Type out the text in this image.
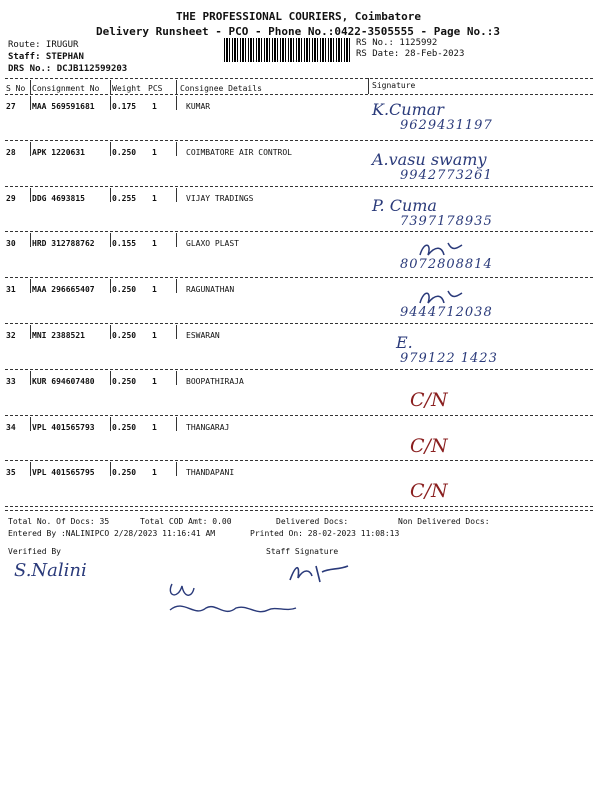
THE PROFESSIONAL COURIERS, Coimbatore
Delivery Runsheet - PCO - Phone No.:0422-3505555 - Page No.:3
Route: IRUGUR
Staff: STEPHAN
DRS No.: DCJB112599203
RS No.: 1125992
RS Date: 28-Feb-2023
S No Consignment No Weight PCS Consignee Details	Signature
27 MAA 569591681 0.175 1	KUMAR	K.Cumar
9629431197
28 APK 1220631	0.250 1	COIMBATORE AIR CONTROL	A.vasu swamy
9942773261
29 DDG 4693815	0.255 1	VIJAY TRADINGS	P. Cuma
7397178935
30 HRD 312788762 0.155 1	GLAXO PLAST
8072808814
31 MAA 296665407 0.250 1	RAGUNATHAN
9444712038
32 MNI 2388521	0.250 1	ESWARAN	E.
979122 1423
33 KUR 694607480 0.250 1	BOOPATHIRAJA
C/N
34 VPL 401565793 0.250 1	THANGARAJ
C/N
35 VPL 401565795 0.250 1	THANDAPANI
C/N
Total No. Of Docs: 35	Total COD Amt: 0.00	Delivered Docs:	Non Delivered Docs:
Entered By :NALINIPCO 2/28/2023 11:16:41 AM	Printed On: 28-02-2023 11:08:13
Verified By	Staff Signature
S.Nalini
